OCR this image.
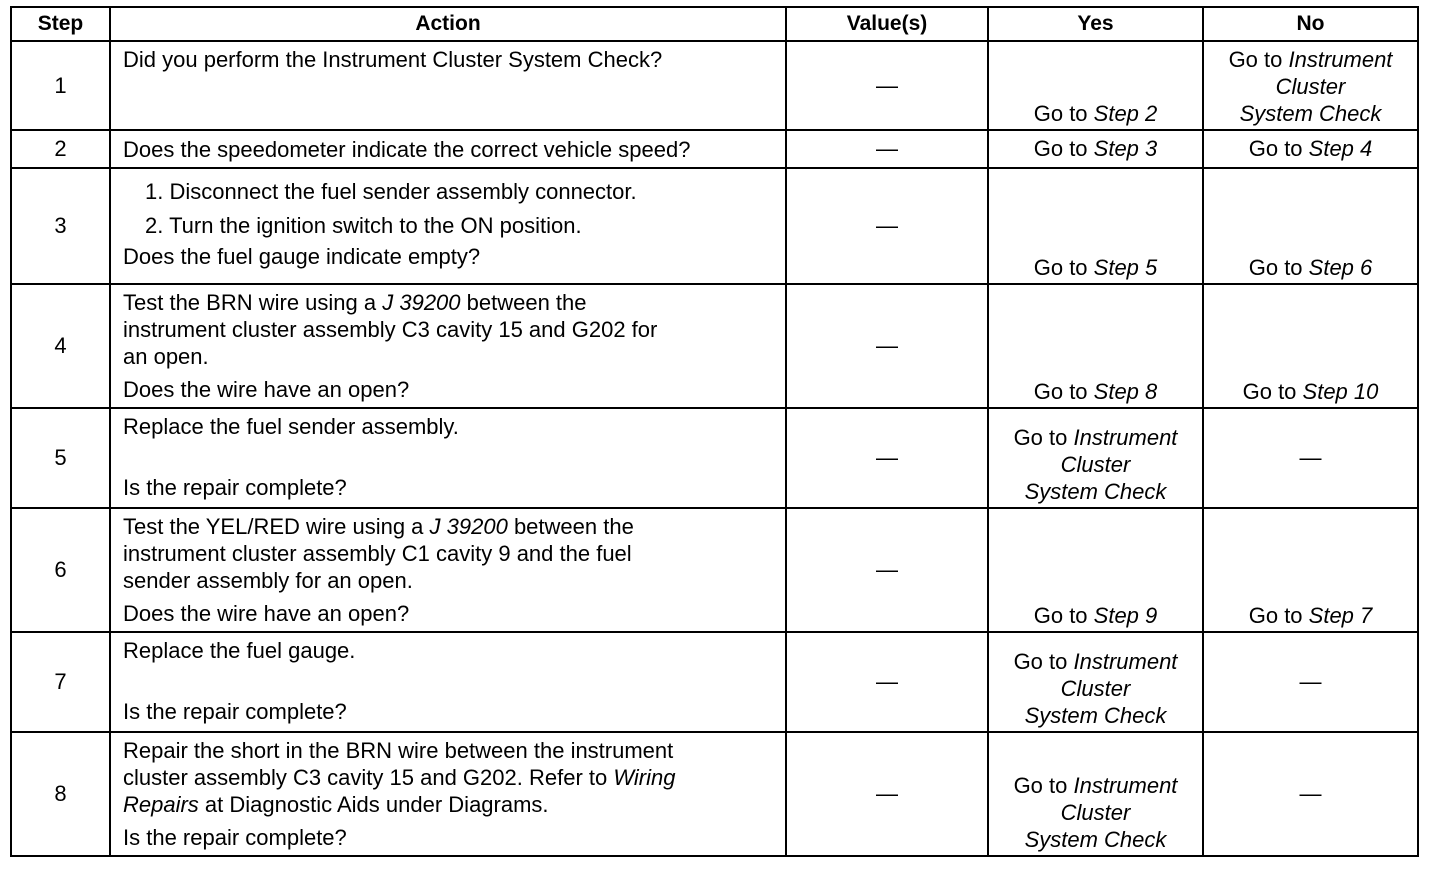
Step	Action	Value(s)	Yes	No
1	Did you perform the Instrument Cluster System Check?	—	Go to Step 2	Go to Instrument
Cluster
System Check

2	Does the speedometer indicate the correct vehicle speed?	—	Go to Step 3	Go to Step 4
3	1. Disconnect the fuel sender assembly connector.
2. Turn the ignition switch to the ON position.
Does the fuel gauge indicate empty?	—	Go to Step 5	Go to Step 6
4	Test the BRN wire using a J 39200 between the
instrument cluster assembly C3 cavity 15 and G202 for
an open.
Does the wire have an open?	—	Go to Step 8	Go to Step 10
5	Replace the fuel sender assembly.
Is the repair complete?	—	Go to Instrument
Cluster
System Check	—
6	Test the YEL/RED wire using a J 39200 between the
instrument cluster assembly C1 cavity 9 and the fuel
sender assembly for an open.
Does the wire have an open?	—	Go to Step 9	Go to Step 7
7	Replace the fuel gauge.
Is the repair complete?	—	Go to Instrument
Cluster
System Check	—
8	Repair the short in the BRN wire between the instrument
cluster assembly C3 cavity 15 and G202. Refer to Wiring
Repairs at Diagnostic Aids under Diagrams.
Is the repair complete?	—	Go to Instrument
Cluster
System Check	—
